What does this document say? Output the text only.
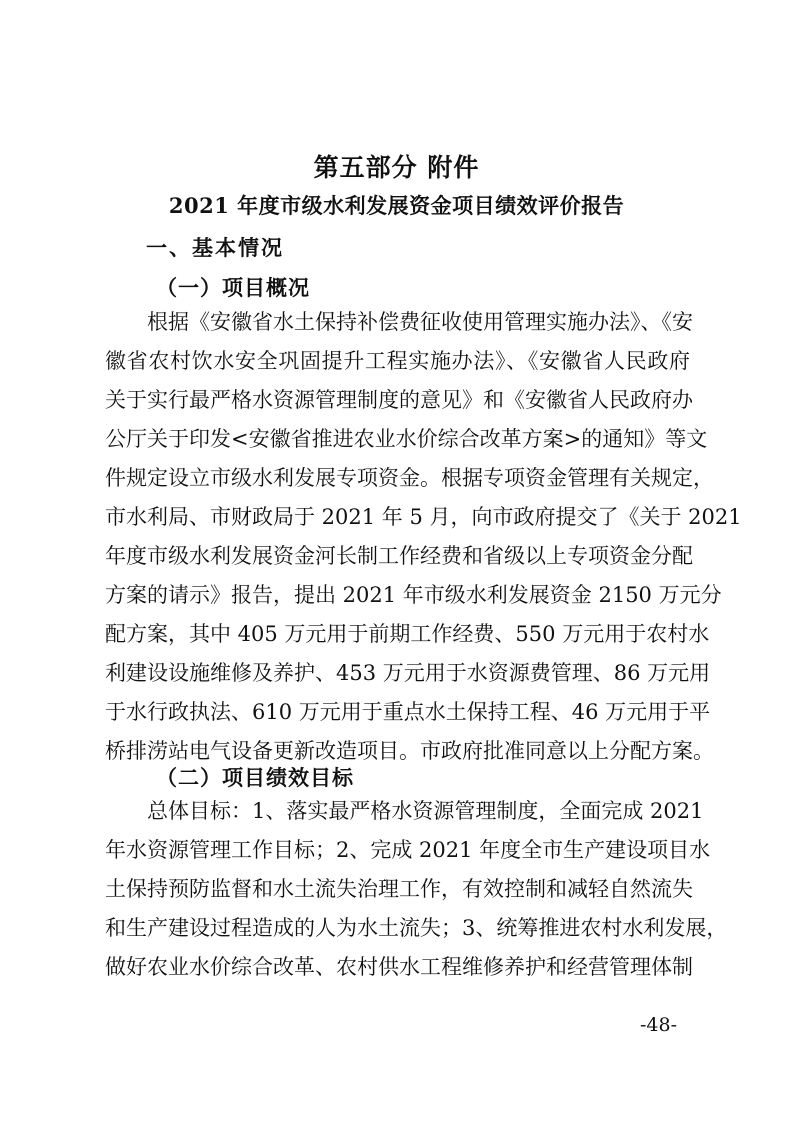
第五部分 附件
2021 年度市级水利发展资金项目绩效评价报告
一、基本情况
（一）项目概况
根据《安徽省水土保持补偿费征收使用管理实施办法》、《安
徽省农村饮水安全巩固提升工程实施办法》、《安徽省人民政府
关于实行最严格水资源管理制度的意见》和《安徽省人民政府办
公厅关于印发<安徽省推进农业水价综合改革方案>的通知》等文
件规定设立市级水利发展专项资金。根据专项资金管理有关规定，
市水利局、市财政局于 2021 年 5 月，向市政府提交了《关于 2021
年度市级水利发展资金河长制工作经费和省级以上专项资金分配
方案的请示》报告，提出 2021 年市级水利发展资金 2150 万元分
配方案，其中 405 万元用于前期工作经费、550 万元用于农村水
利建设设施维修及养护、453 万元用于水资源费管理、86 万元用
于水行政执法、610 万元用于重点水土保持工程、46 万元用于平
桥排涝站电气设备更新改造项目。市政府批准同意以上分配方案。
（二）项目绩效目标
总体目标：1、落实最严格水资源管理制度，全面完成 2021
年水资源管理工作目标；2、完成 2021 年度全市生产建设项目水
土保持预防监督和水土流失治理工作，有效控制和减轻自然流失
和生产建设过程造成的人为水土流失；3、统筹推进农村水利发展，
做好农业水价综合改革、农村供水工程维修养护和经营管理体制
-48-
